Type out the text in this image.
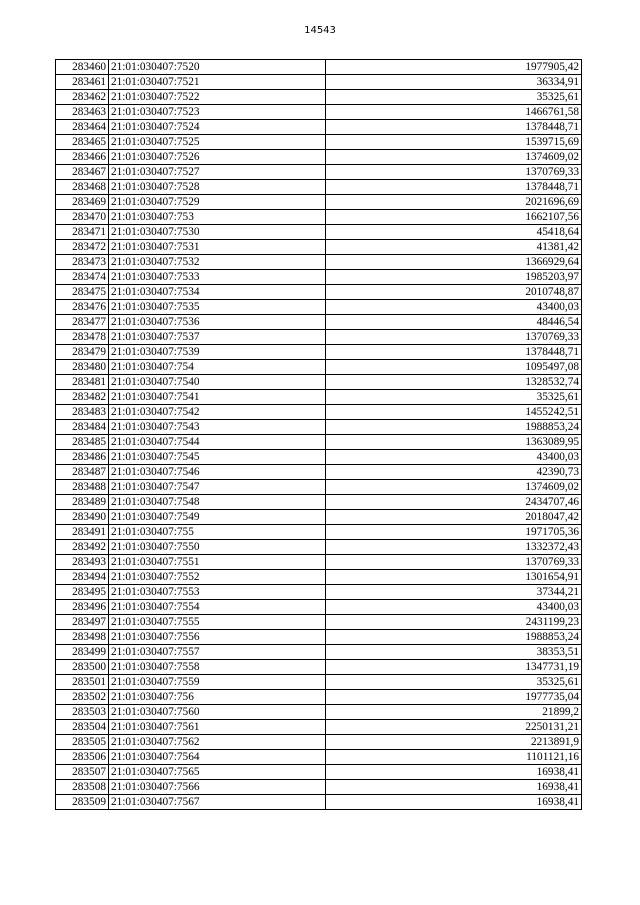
14543
283460	21:01:030407:7520	1977905,42
283461	21:01:030407:7521	36334,91
283462	21:01:030407:7522	35325,61
283463	21:01:030407:7523	1466761,58
283464	21:01:030407:7524	1378448,71
283465	21:01:030407:7525	1539715,69
283466	21:01:030407:7526	1374609,02
283467	21:01:030407:7527	1370769,33
283468	21:01:030407:7528	1378448,71
283469	21:01:030407:7529	2021696,69
283470	21:01:030407:753	1662107,56
283471	21:01:030407:7530	45418,64
283472	21:01:030407:7531	41381,42
283473	21:01:030407:7532	1366929,64
283474	21:01:030407:7533	1985203,97
283475	21:01:030407:7534	2010748,87
283476	21:01:030407:7535	43400,03
283477	21:01:030407:7536	48446,54
283478	21:01:030407:7537	1370769,33
283479	21:01:030407:7539	1378448,71
283480	21:01:030407:754	1095497,08
283481	21:01:030407:7540	1328532,74
283482	21:01:030407:7541	35325,61
283483	21:01:030407:7542	1455242,51
283484	21:01:030407:7543	1988853,24
283485	21:01:030407:7544	1363089,95
283486	21:01:030407:7545	43400,03
283487	21:01:030407:7546	42390,73
283488	21:01:030407:7547	1374609,02
283489	21:01:030407:7548	2434707,46
283490	21:01:030407:7549	2018047,42
283491	21:01:030407:755	1971705,36
283492	21:01:030407:7550	1332372,43
283493	21:01:030407:7551	1370769,33
283494	21:01:030407:7552	1301654,91
283495	21:01:030407:7553	37344,21
283496	21:01:030407:7554	43400,03
283497	21:01:030407:7555	2431199,23
283498	21:01:030407:7556	1988853,24
283499	21:01:030407:7557	38353,51
283500	21:01:030407:7558	1347731,19
283501	21:01:030407:7559	35325,61
283502	21:01:030407:756	1977735,04
283503	21:01:030407:7560	21899,2
283504	21:01:030407:7561	2250131,21
283505	21:01:030407:7562	2213891,9
283506	21:01:030407:7564	1101121,16
283507	21:01:030407:7565	16938,41
283508	21:01:030407:7566	16938,41
283509	21:01:030407:7567	16938,41
